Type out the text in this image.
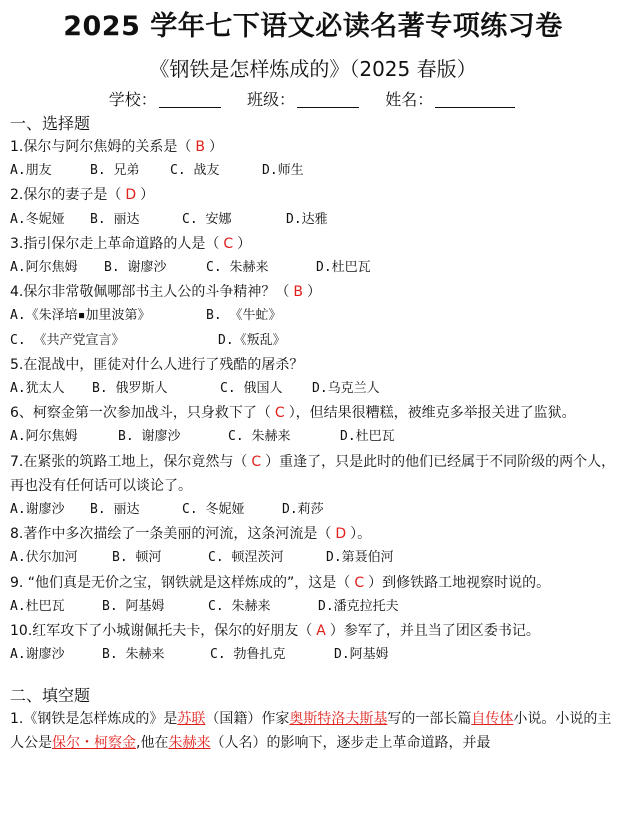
2025 学年七下语文必读名著专项练习卷
《钢铁是怎样炼成的》（2025 春版）
学校：	班级：	姓名：
一、选择题
1.保尔与阿尔焦姆的关系是（ B ）
A.朋友	B. 兄弟 C. 战友	D.师生
2.保尔的妻子是（ D ）
A.冬妮娅 B. 丽达	C. 安娜	D.达雅
3.指引保尔走上革命道路的人是（ C ）
A.阿尔焦姆 B. 谢廖沙	C. 朱赫来	D.杜巴瓦
4.保尔非常敬佩哪部书主人公的斗争精神？（ B ）
A.《朱泽培▪加里波第》	B. 《牛虻》
C. 《共产党宣言》	D.《叛乱》
5.在混战中，匪徒对什么人进行了残酷的屠杀？
A.犹太人 B. 俄罗斯人	C. 俄国人 D.乌克兰人
6、柯察金第一次参加战斗，只身救下了（ C ），但结果很糟糕，被维克多举报关进了监狱。
A.阿尔焦姆	B. 谢廖沙	C. 朱赫来	D.杜巴瓦
7.在紧张的筑路工地上，保尔竟然与（ C ）重逢了，只是此时的他们已经属于不同阶级的两个人，再也没有任何话可以谈论了。
A.谢廖沙 B. 丽达	C. 冬妮娅	D.莉莎
8.著作中多次描绘了一条美丽的河流，这条河流是（ D ）。
A.伏尔加河	B. 顿河	C. 顿涅茨河	D.第聂伯河
9. “他们真是无价之宝，钢铁就是这样炼成的”，这是（ C ）到修铁路工地视察时说的。
A.杜巴瓦	B. 阿基姆	C. 朱赫来	D.潘克拉托夫
10.红军攻下了小城谢佩托夫卡，保尔的好朋友（ A ）参军了，并且当了团区委书记。
A.谢廖沙	B. 朱赫来	C. 勃鲁扎克	D.阿基姆
二、填空题
1.《钢铁是怎样炼成的》是苏联（国籍）作家奥斯特洛夫斯基写的一部长篇自传体小说。小说的主人公是保尔・柯察金,他在朱赫来（人名）的影响下，逐步走上革命道路，并最
